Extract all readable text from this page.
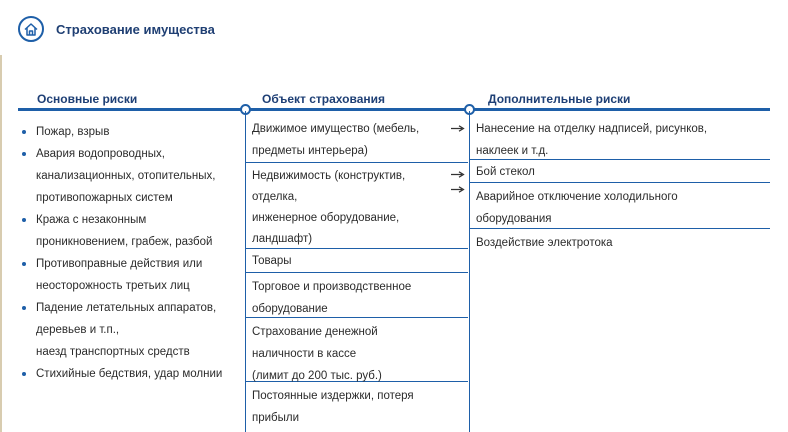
Страхование имущества
Основные риски	Объект страхования	Дополнительные риски
Пожар, взрыв
Авария водопроводных,
канализационных, отопительных,
противопожарных систем
Кража с незаконным
проникновением, грабеж, разбой
Противоправные действия или
неосторожность третьих лиц
Падение летательных аппаратов,
деревьев и т.п.,
наезд транспортных средств
Стихийные бедствия, удар молнии
Движимое имущество (мебель,
предметы интерьера)
Недвижимость (конструктив,
отделка,
инженерное оборудование,
ландшафт)
Товары
Торговое и производственное
оборудование
Страхование денежной
наличности в кассе
(лимит до 200 тыс. руб.)
Постоянные издержки, потеря
прибыли
Нанесение на отделку надписей, рисунков,
наклеек и т.д.
Бой стекол
Аварийное отключение холодильного
оборудования
Воздействие электротока
